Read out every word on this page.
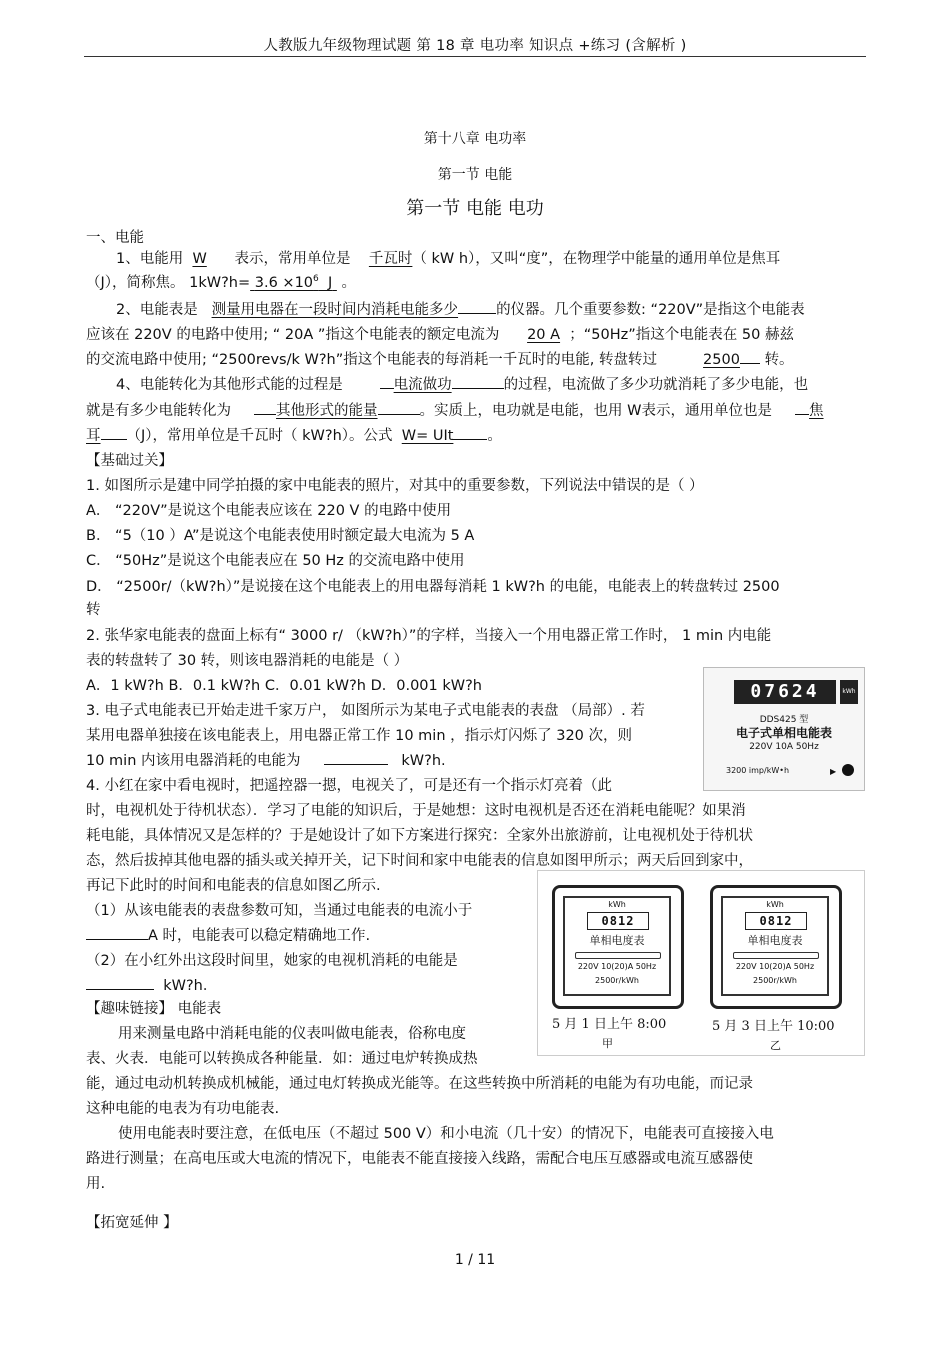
人教版九年级物理试题 第 18 章 电功率 知识点 +练习 (含解析 )
第十八章 电功率
第一节 电能
第一节 电能 电功
一、电能
1、电能用 W 表示，常用单位是 千瓦时（ kW h），又叫“度”，在物理学中能量的通用单位是焦耳
（J），简称焦。 1kW?h= $3.6 \times 10^6$ J 。
2、电能表是 测量用电器在一段时间内消耗电能多少	的仪器。几个重要参数: “220V”是指这个电能表
应该在 220V 的电路中使用; “ 20A ”指这个电能表的额定电流为 20 A ；“50Hz”指这个电能表在 50 赫兹
的交流电路中使用; “2500revs/k W?h”指这个电能表的每消耗一千瓦时的电能, 转盘转过	2500 转。
4、电能转化为其他形式能的过程是	电流做功	的过程，电流做了多少功就消耗了多少电能，也
就是有多少电能转化为	其他形式的能量	。实质上，电功就是电能，也用 W表示，通用单位也是	焦
耳 （J），常用单位是千瓦时（ kW?h）。公式 W= UIt 。
【基础过关】
1. 如图所示是建中同学拍摄的家中电能表的照片，对其中的重要参数，下列说法中错误的是（ ）
A． “220V”是说这个电能表应该在 220 V 的电路中使用
B． “5（10 ）A”是说这个电能表使用时额定最大电流为 5 A
C． “50Hz”是说这个电能表应在 50 Hz 的交流电路中使用
D． “2500r/（kW?h）”是说接在这个电能表上的用电器每消耗 1 kW?h 的电能，电能表上的转盘转过 2500
转
2. 张华家电能表的盘面上标有“ 3000 r/ （kW?h）”的字样，当接入一个用电器正常工作时， 1 min 内电能
表的转盘转了 30 转，则该电器消耗的电能是（ ）
A．1 kW?h B．0.1 kW?h C．0.01 kW?h D．0.001 kW?h
3. 电子式电能表已开始走进千家万户， 如图所示为某电子式电能表的表盘 （局部）. 若
某用电器单独接在该电能表上，用电器正常工作 10 min ，指示灯闪烁了 320 次，则
10 min 内该用电器消耗的电能为	kW?h.
07624	kWh
DDS425 型
电子式单相电能表
220V 10A 50Hz
3200 imp/kW•h	▶
4. 小红在家中看电视时，把遥控器一摁，电视关了，可是还有一个指示灯亮着（此
时，电视机处于待机状态）．学习了电能的知识后，于是她想：这时电视机是否还在消耗电能呢？如果消
耗电能，具体情况又是怎样的？于是她设计了如下方案进行探究：全家外出旅游前，让电视机处于待机状
态，然后拔掉其他电器的插头或关掉开关，记下时间和家中电能表的信息如图甲所示；两天后回到家中，
再记下此时的时间和电能表的信息如图乙所示.
（1）从该电能表的表盘参数可知，当通过电能表的电流小于
A 时，电能表可以稳定精确地工作.
（2）在小红外出这段时间里，她家的电视机消耗的电能是
kW?h．
kWh
0812
单相电度表
220V 10(20)A 50Hz
2500r/kWh
kWh
0812
单相电度表
220V 10(20)A 50Hz
2500r/kWh
5 月 1 日上午 8:00	5 月 3 日上午 10:00
甲	乙
【趣味链接】 电能表
用来测量电路中消耗电能的仪表叫做电能表，俗称电度
表、火表．电能可以转换成各种能量．如：通过电炉转换成热
能，通过电动机转换成机械能，通过电灯转换成光能等。在这些转换中所消耗的电能为有功电能，而记录
这种电能的电表为有功电能表.
使用电能表时要注意，在低电压（不超过 500 V）和小电流（几十安）的情况下，电能表可直接接入电
路进行测量；在高电压或大电流的情况下，电能表不能直接接入线路，需配合电压互感器或电流互感器使
用.
【拓宽延伸 】
1 / 11
